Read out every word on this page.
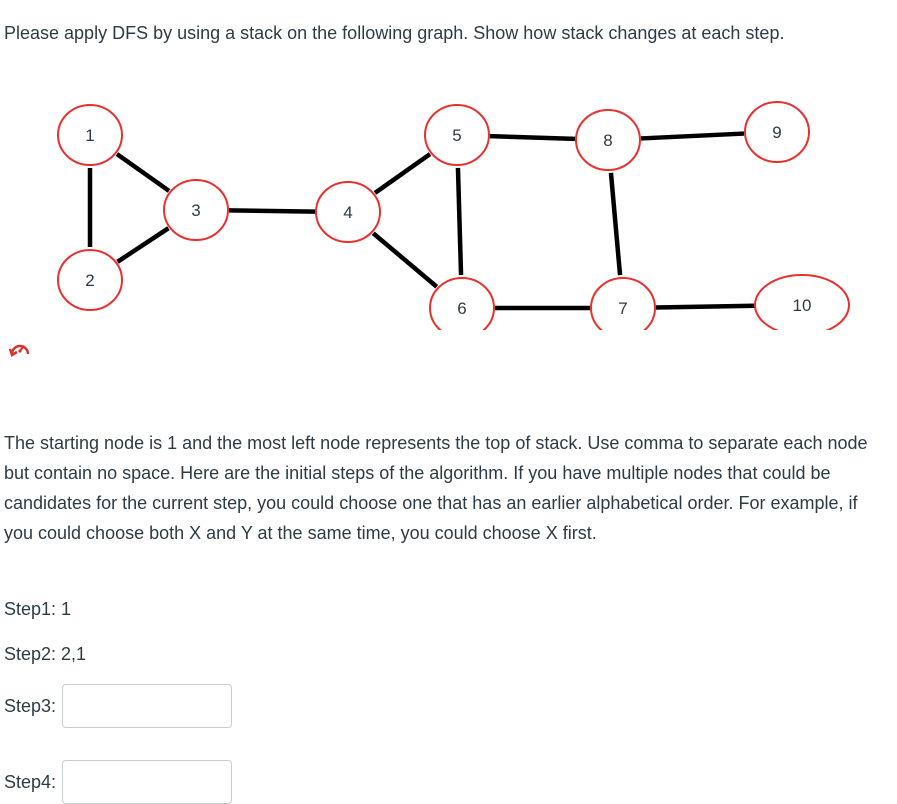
Please apply DFS by using a stack on the following graph. Show how stack changes at each step.
1
2
3	4
5
6	7
8	9
10
The starting node is 1 and the most left node represents the top of stack. Use comma to separate each node but contain no space. Here are the initial steps of the algorithm. If you have multiple nodes that could be candidates for the current step, you could choose one that has an earlier alphabetical order. For example, if you could choose both X and Y at the same time, you could choose X first.
Step1: 1
Step2: 2,1
Step3:
Step4:
